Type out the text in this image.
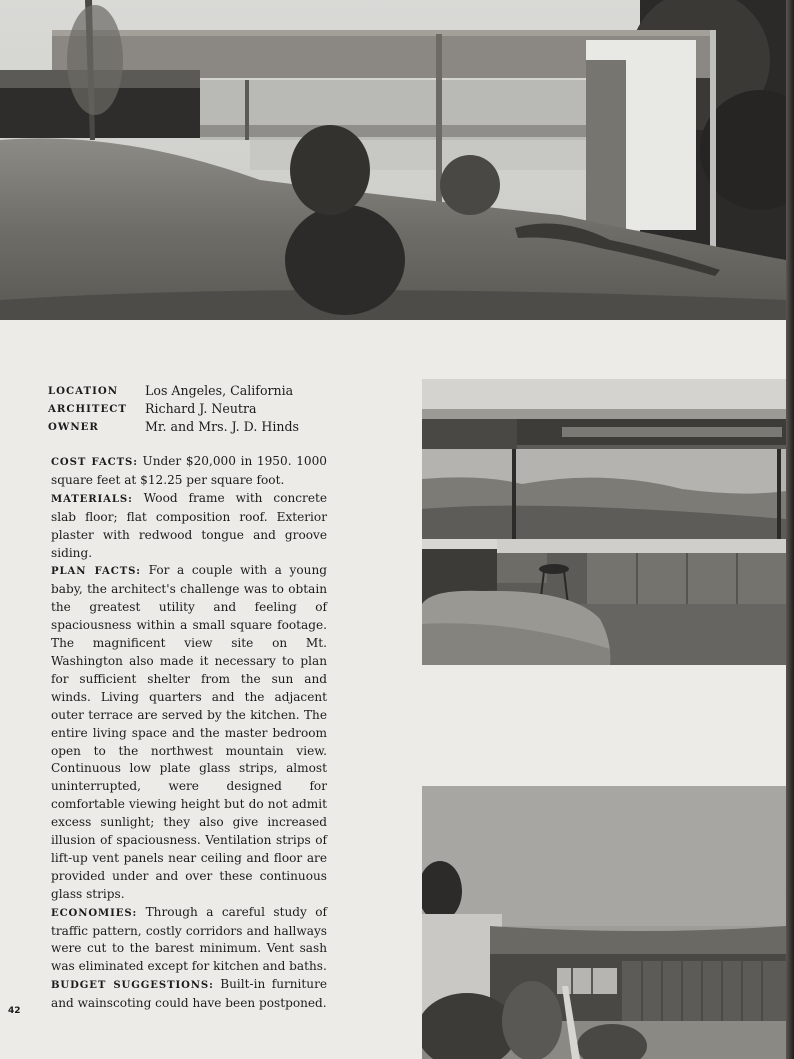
LOCATION	Los Angeles, California
ARCHITECT	Richard J. Neutra
OWNER	Mr. and Mrs. J. D. Hinds

COST FACTS: Under $20,000 in 1950. 1000 square feet at $12.25 per square foot.

MATERIALS: Wood frame with concrete slab floor; flat composition roof. Exterior plaster with redwood tongue and groove siding.

PLAN FACTS: For a couple with a young baby, the architect's challenge was to obtain the greatest utility and feeling of spaciousness within a small square footage. The magnificent view site on Mt. Washington also made it necessary to plan for sufficient shelter from the sun and winds. Living quarters and the adjacent outer terrace are served by the kitchen. The entire living space and the master bedroom open to the northwest mountain view. Continuous low plate glass strips, almost uninterrupted, were designed for comfortable viewing height but do not admit excess sunlight; they also give increased illusion of spaciousness. Ventilation strips of lift-up vent panels near ceiling and floor are provided under and over these continuous glass strips.

ECONOMIES: Through a careful study of traffic pattern, costly corridors and hallways were cut to the barest minimum. Vent sash was eliminated except for kitchen and baths.

BUDGET SUGGESTIONS: Built-in furniture and wainscoting could have been postponed.

42
